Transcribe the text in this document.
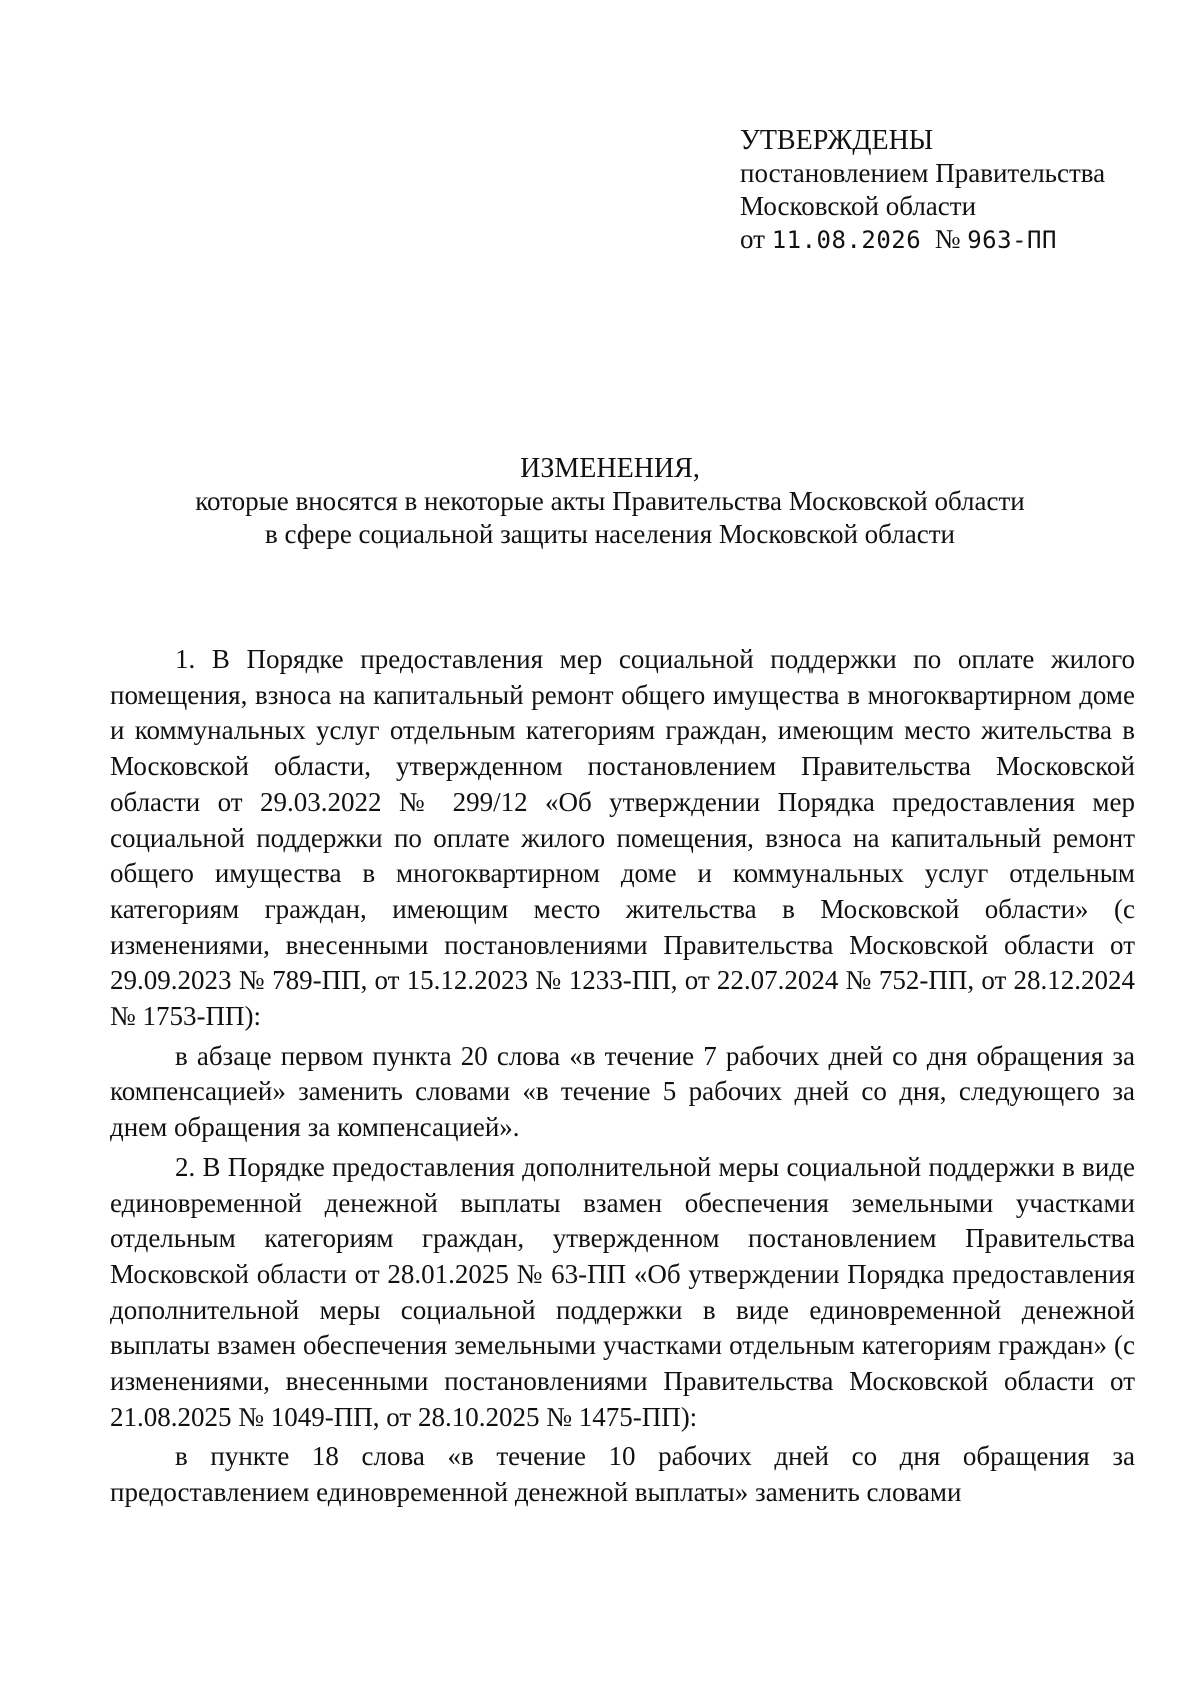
УТВЕРЖДЕНЫ
постановлением Правительства
Московской области
от 11.08.2026 № 963-ПП
ИЗМЕНЕНИЯ,
которые вносятся в некоторые акты Правительства Московской области
в сфере социальной защиты населения Московской области

1. В Порядке предоставления мер социальной поддержки по оплате жилого помещения, взноса на капитальный ремонт общего имущества в многоквартирном доме и коммунальных услуг отдельным категориям граждан, имеющим место жительства в Московской области, утвержденном постановлением Правительства Московской области от 29.03.2022 № 299/12 «Об утверждении Порядка предоставления мер социальной поддержки по оплате жилого помещения, взноса на капитальный ремонт общего имущества в многоквартирном доме и коммунальных услуг отдельным категориям граждан, имеющим место жительства в Московской области» (с изменениями, внесенными постановлениями Правительства Московской области от 29.09.2023 № 789-ПП, от 15.12.2023 № 1233-ПП, от 22.07.2024 № 752-ПП, от 28.12.2024 № 1753-ПП):

в абзаце первом пункта 20 слова «в течение 7 рабочих дней со дня обращения за компенсацией» заменить словами «в течение 5 рабочих дней со дня, следующего за днем обращения за компенсацией».

2. В Порядке предоставления дополнительной меры социальной поддержки в виде единовременной денежной выплаты взамен обеспечения земельными участками отдельным категориям граждан, утвержденном постановлением Правительства Московской области от 28.01.2025 № 63-ПП «Об утверждении Порядка предоставления дополнительной меры социальной поддержки в виде единовременной денежной выплаты взамен обеспечения земельными участками отдельным категориям граждан» (с изменениями, внесенными постановлениями Правительства Московской области от 21.08.2025 № 1049-ПП, от 28.10.2025 № 1475-ПП):

в пункте 18 слова «в течение 10 рабочих дней со дня обращения за предоставлением единовременной денежной выплаты» заменить словами
